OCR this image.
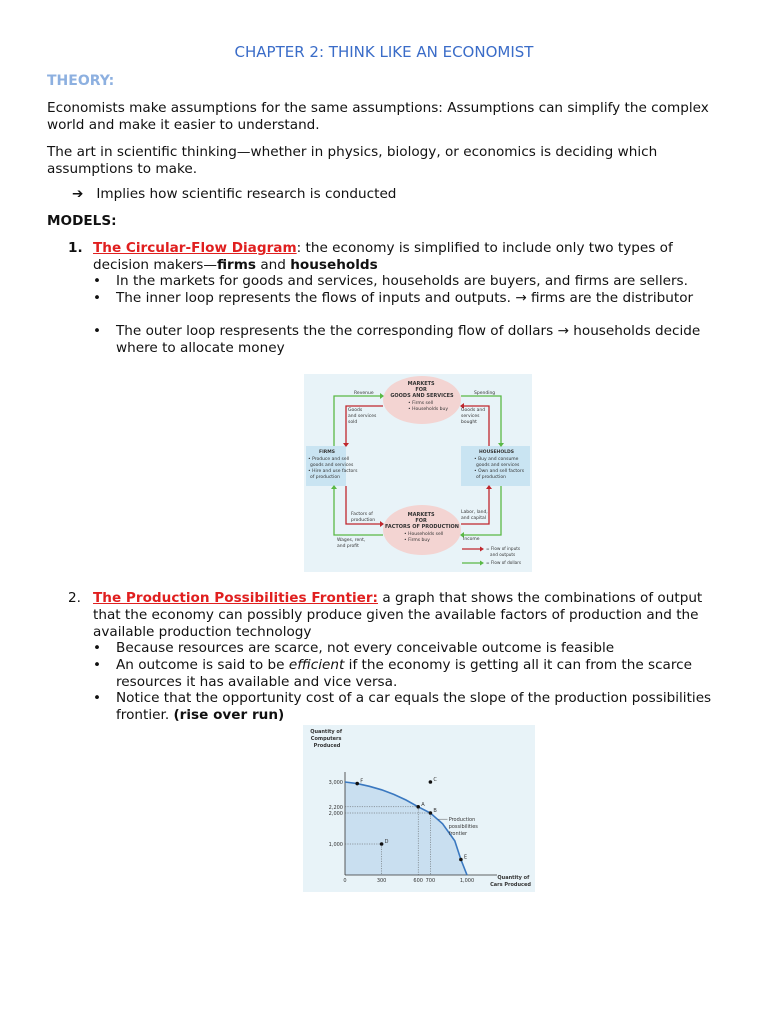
CHAPTER 2: THINK LIKE AN ECONOMIST
THEORY:
Economists make assumptions for the same assumptions: Assumptions can simplify the complex world and make it easier to understand.
The art in scientific thinking—whether in physics, biology, or economics is deciding which assumptions to make.
➔ Implies how scientific research is conducted
MODELS:
1. The Circular-Flow Diagram: the economy is simplified to include only two types of decision makers—firms and households
• In the markets for goods and services, households are buyers, and firms are sellers.
• The inner loop represents the flows of inputs and outputs. → firms are the distributor
• The outer loop respresents the the corresponding flow of dollars → households decide where to allocate money
MARKETS FOR GOODS AND SERVICES
• Firms sell • Households buy
MARKETS FOR FACTORS OF PRODUCTION
• Households sell • Firms buy
FIRMS • Produce and sell goods and services • Hire and use factors of production
HOUSEHOLDS • Buy and consume goods and services • Own and sell factors of production
Revenue	Spending
Goods and services sold Goods and services bought Factors of production Labor, land, and capital Wages, rent, and profit
Income
= Flow of inputs and outputs
= Flow of dollars
2. The Production Possibilities Frontier: a graph that shows the combinations of output that the economy can possibly produce given the available factors of production and the available production technology
• Because resources are scarce, not every conceivable outcome is feasible
• An outcome is said to be efficient if the economy is getting all it can from the scarce resources it has available and vice versa.
• Notice that the opportunity cost of a car equals the slope of the production possibilities frontier. (rise over run)
Quantity of Computers Produced
Quantity of Cars Produced
0	300	600 700	1,000
3,000
2,200
2,000
1,000
F	C
A
B
D
E
Production
possibilities
frontier
